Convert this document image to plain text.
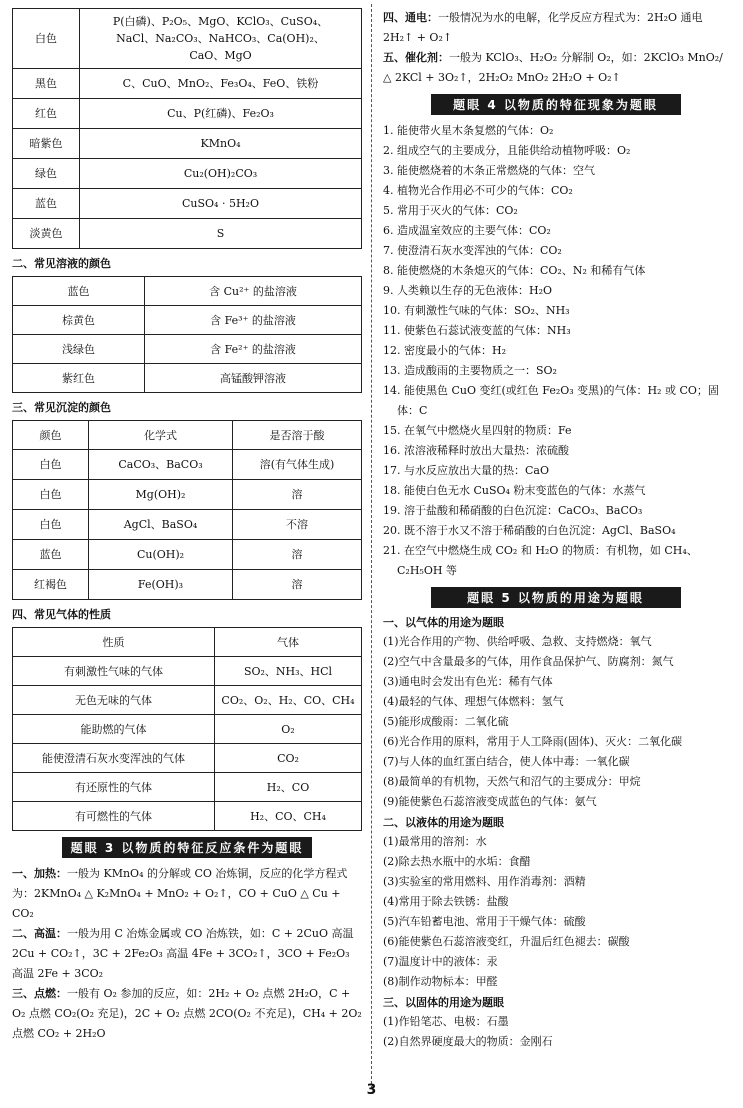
白色	P(白磷)、P₂O₅、MgO、KClO₃、CuSO₄、NaCl、Na₂CO₃、NaHCO₃、Ca(OH)₂、CaO、MgO
黑色	C、CuO、MnO₂、Fe₃O₄、FeO、铁粉
红色	Cu、P(红磷)、Fe₂O₃
暗紫色	KMnO₄
绿色	Cu₂(OH)₂CO₃
蓝色	CuSO₄ · 5H₂O
淡黄色	S
二、常见溶液的颜色
蓝色	含 Cu²⁺ 的盐溶液
棕黄色	含 Fe³⁺ 的盐溶液
浅绿色	含 Fe²⁺ 的盐溶液
紫红色	高锰酸钾溶液
三、常见沉淀的颜色
颜色	化学式	是否溶于酸
白色	CaCO₃、BaCO₃	溶(有气体生成)
白色	Mg(OH)₂	溶
白色	AgCl、BaSO₄	不溶
蓝色	Cu(OH)₂	溶
红褐色	Fe(OH)₃	溶
四、常见气体的性质
性质	气体
有刺激性气味的气体	SO₂、NH₃、HCl
无色无味的气体	CO₂、O₂、H₂、CO、CH₄
能助燃的气体	O₂
能使澄清石灰水变浑浊的气体	CO₂
有还原性的气体	H₂、CO
有可燃性的气体	H₂、CO、CH₄
题眼 3 以物质的特征反应条件为题眼

一、加热：一般为 KMnO₄ 的分解或 CO 冶炼铜，反应的化学方程式为：2KMnO₄ △ K₂MnO₄ + MnO₂ + O₂↑，CO + CuO △ Cu + CO₂

二、高温：一般为用 C 冶炼金属或 CO 冶炼铁，如：C + 2CuO 高温 2Cu + CO₂↑，3C + 2Fe₂O₃ 高温 4Fe + 3CO₂↑，3CO + Fe₂O₃ 高温 2Fe + 3CO₂

三、点燃：一般有 O₂ 参加的反应，如：2H₂ + O₂ 点燃 2H₂O，C + O₂ 点燃 CO₂(O₂ 充足)，2C + O₂ 点燃 2CO(O₂ 不充足)，CH₄ + 2O₂ 点燃 CO₂ + 2H₂O

四、通电：一般情况为水的电解，化学反应方程式为：2H₂O 通电 2H₂↑ + O₂↑

五、催化剂：一般为 KClO₃、H₂O₂ 分解制 O₂，如：2KClO₃ MnO₂/△ 2KCl + 3O₂↑，2H₂O₂ MnO₂ 2H₂O + O₂↑

题眼 4 以物质的特征现象为题眼

1. 能使带火星木条复燃的气体：O₂

2. 组成空气的主要成分，且能供给动植物呼吸：O₂

3. 能使燃烧着的木条正常燃烧的气体：空气

4. 植物光合作用必不可少的气体：CO₂

5. 常用于灭火的气体：CO₂

6. 造成温室效应的主要气体：CO₂

7. 使澄清石灰水变浑浊的气体：CO₂

8. 能使燃烧的木条熄灭的气体：CO₂、N₂ 和稀有气体

9. 人类赖以生存的无色液体：H₂O

10. 有刺激性气味的气体：SO₂、NH₃

11. 使紫色石蕊试液变蓝的气体：NH₃

12. 密度最小的气体：H₂

13. 造成酸雨的主要物质之一：SO₂

14. 能使黑色 CuO 变红(或红色 Fe₂O₃ 变黑)的气体：H₂ 或 CO；固体：C

15. 在氧气中燃烧火星四射的物质：Fe

16. 浓溶液稀释时放出大量热：浓硫酸

17. 与水反应放出大量的热：CaO

18. 能使白色无水 CuSO₄ 粉末变蓝色的气体：水蒸气

19. 溶于盐酸和稀硝酸的白色沉淀：CaCO₃、BaCO₃

20. 既不溶于水又不溶于稀硝酸的白色沉淀：AgCl、BaSO₄

21. 在空气中燃烧生成 CO₂ 和 H₂O 的物质：有机物，如 CH₄、C₂H₅OH 等

题眼 5 以物质的用途为题眼
一、以气体的用途为题眼

(1)光合作用的产物、供给呼吸、急救、支持燃烧：氧气

(2)空气中含量最多的气体，用作食品保护气、防腐剂：氮气

(3)通电时会发出有色光：稀有气体

(4)最轻的气体、理想气体燃料：氢气

(5)能形成酸雨：二氧化硫

(6)光合作用的原料，常用于人工降雨(固体)、灭火：二氧化碳

(7)与人体的血红蛋白结合，使人体中毒：一氧化碳

(8)最简单的有机物，天然气和沼气的主要成分：甲烷

(9)能使紫色石蕊溶液变成蓝色的气体：氨气

二、以液体的用途为题眼

(1)最常用的溶剂：水

(2)除去热水瓶中的水垢：食醋

(3)实验室的常用燃料、用作消毒剂：酒精

(4)常用于除去铁锈：盐酸

(5)汽车铅蓄电池、常用于干燥气体：硫酸

(6)能使紫色石蕊溶液变红，升温后红色褪去：碳酸

(7)温度计中的液体：汞

(8)制作动物标本：甲醛

三、以固体的用途为题眼

(1)作铅笔芯、电极：石墨

(2)自然界硬度最大的物质：金刚石

3
